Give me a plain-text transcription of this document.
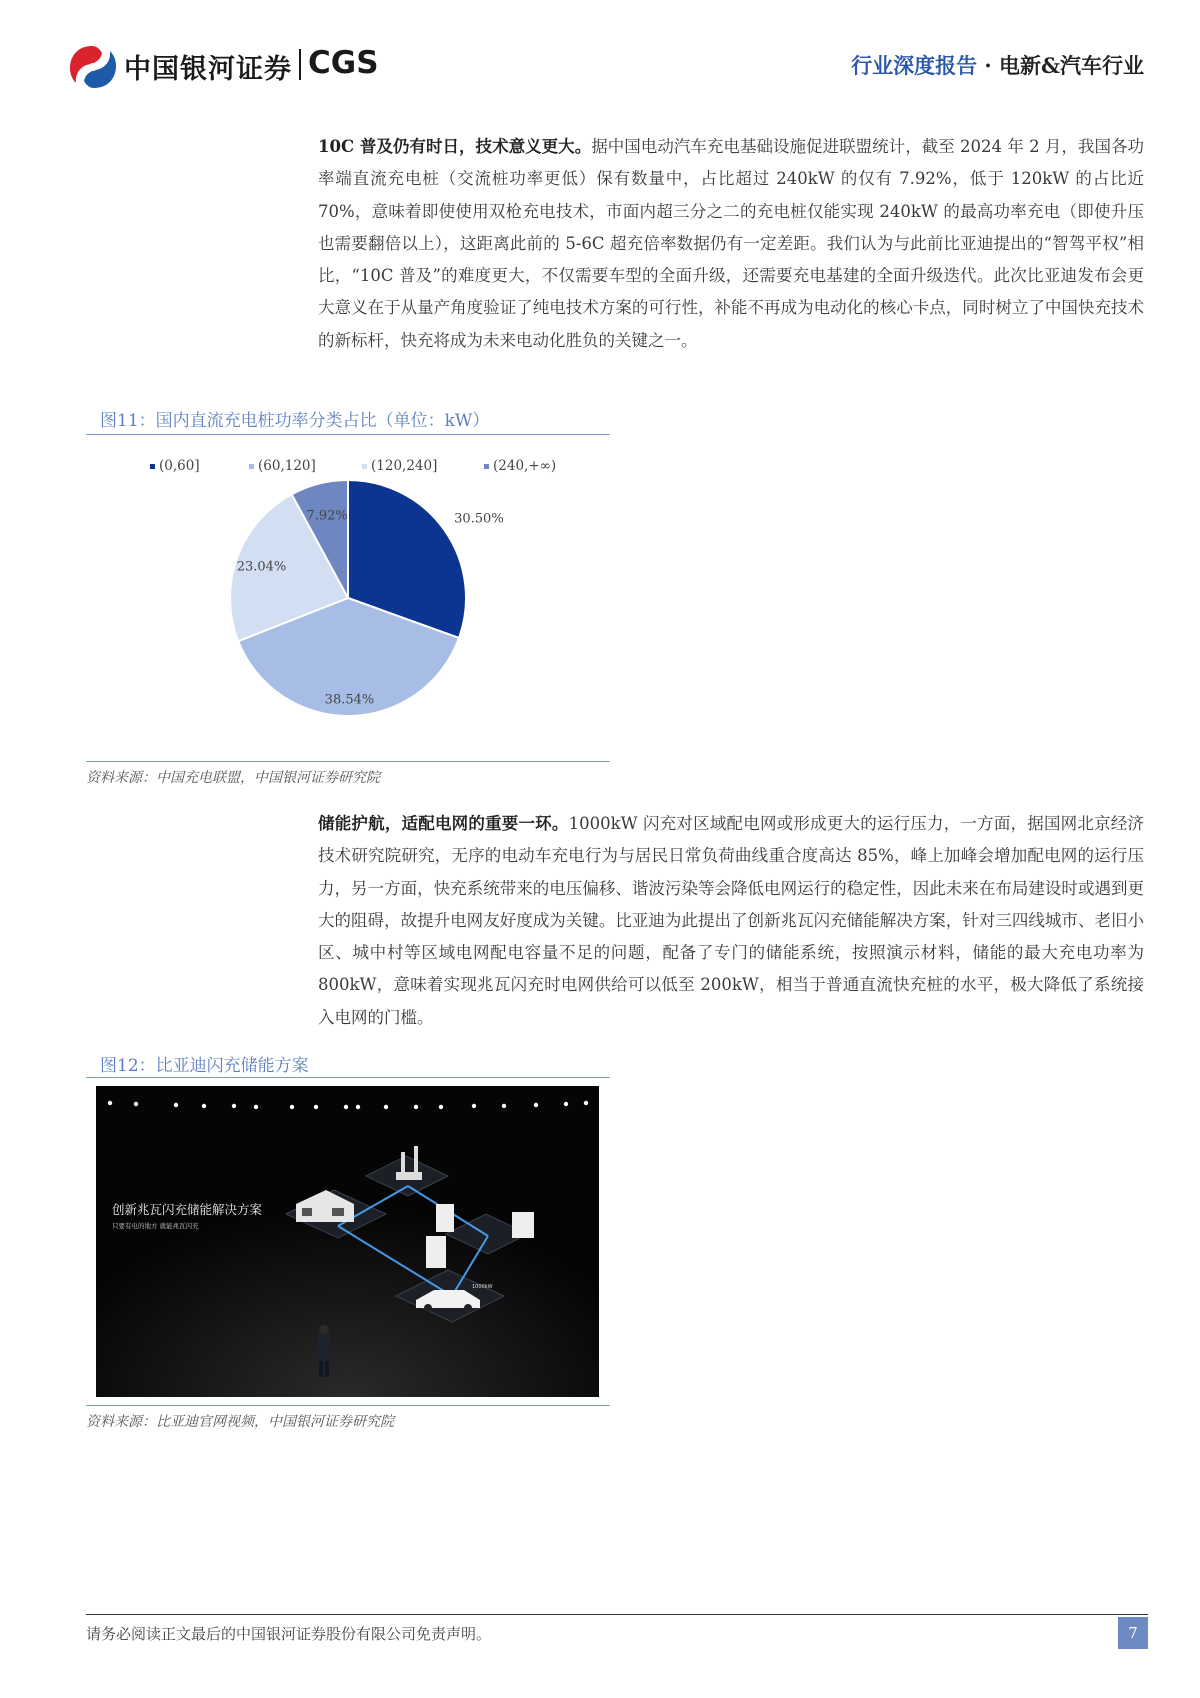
中国银河证券 CGS	行业深度报告 · 电新&汽车行业
10C 普及仍有时日，技术意义更大。据中国电动汽车充电基础设施促进联盟统计，截至 2024 年 2 月，我国各功率端直流充电桩（交流桩功率更低）保有数量中，占比超过 240kW 的仅有 7.92%，低于 120kW 的占比近 70%，意味着即使使用双枪充电技术，市面内超三分之二的充电桩仅能实现 240kW 的最高功率充电（即使升压也需要翻倍以上），这距离此前的 5-6C 超充倍率数据仍有一定差距。我们认为与此前比亚迪提出的“智驾平权”相比，“10C 普及”的难度更大，不仅需要车型的全面升级，还需要充电基建的全面升级迭代。此次比亚迪发布会更大意义在于从量产角度验证了纯电技术方案的可行性，补能不再成为电动化的核心卡点，同时树立了中国快充技术的新标杆，快充将成为未来电动化胜负的关键之一。
图11：国内直流充电桩功率分类占比（单位：kW）
(0,60]	(60,120]	(120,240]	(240,+∞)
30.50%
38.54%
23.04%
7.92%
资料来源：中国充电联盟，中国银河证券研究院
储能护航，适配电网的重要一环。1000kW 闪充对区域配电网或形成更大的运行压力，一方面，据国网北京经济技术研究院研究，无序的电动车充电行为与居民日常负荷曲线重合度高达 85%，峰上加峰会增加配电网的运行压力，另一方面，快充系统带来的电压偏移、谐波污染等会降低电网运行的稳定性，因此未来在布局建设时或遇到更大的阻碍，故提升电网友好度成为关键。比亚迪为此提出了创新兆瓦闪充储能解决方案，针对三四线城市、老旧小区、城中村等区域电网配电容量不足的问题，配备了专门的储能系统，按照演示材料，储能的最大充电功率为 800kW，意味着实现兆瓦闪充时电网供给可以低至 200kW，相当于普通直流快充桩的水平，极大降低了系统接入电网的门槛。
图12：比亚迪闪充储能方案
创新兆瓦闪充储能解决方案
只要有电的地方 就能兆瓦闪充
1000kW
资料来源：比亚迪官网视频，中国银河证券研究院
请务必阅读正文最后的中国银河证券股份有限公司免责声明。	7
